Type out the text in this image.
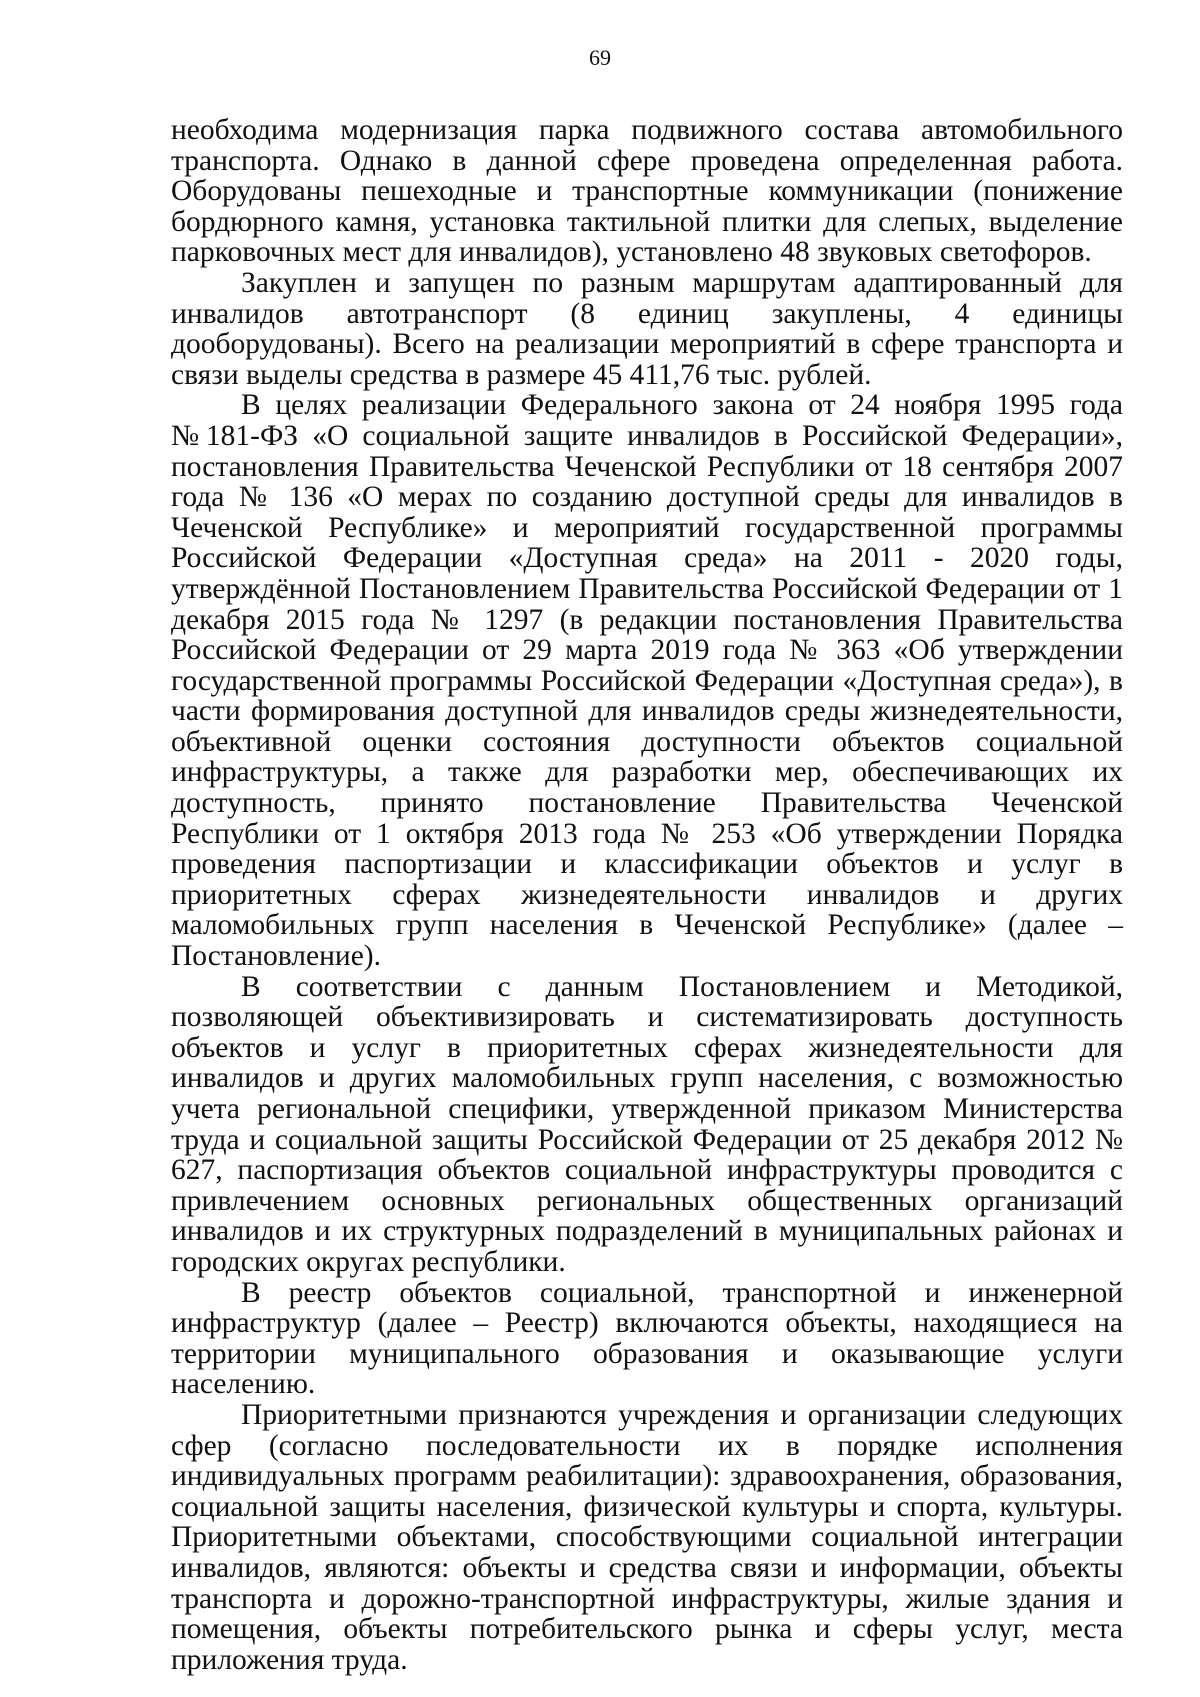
69

необходима модернизация парка подвижного состава автомобильного транспорта. Однако в данной сфере проведена определенная работа. Оборудованы пешеходные и транспортные коммуникации (понижение бордюрного камня, установка тактильной плитки для слепых, выделение парковочных мест для инвалидов), установлено 48 звуковых светофоров.

Закуплен и запущен по разным маршрутам адаптированный для инвалидов автотранспорт (8 единиц закуплены, 4 единицы дооборудованы). Всего на реализации мероприятий в сфере транспорта и связи выделы средства в размере 45 411,76 тыс. рублей.

В целях реализации Федерального закона от 24 ноября 1995 года №181-ФЗ «О социальной защите инвалидов в Российской Федерации», постановления Правительства Чеченской Республики от 18 сентября 2007 года № 136 «О мерах по созданию доступной среды для инвалидов в Чеченской Республике» и мероприятий государственной программы Российской Федерации «Доступная среда» на 2011 - 2020 годы, утверждённой Постановлением Правительства Российской Федерации от 1 декабря 2015 года № 1297 (в редакции постановления Правительства Российской Федерации от 29 марта 2019 года № 363 «Об утверждении государственной программы Российской Федерации «Доступная среда»), в части формирования доступной для инвалидов среды жизнедеятельности, объективной оценки состояния доступности объектов социальной инфраструктуры, а также для разработки мер, обеспечивающих их доступность, принято постановление Правительства Чеченской Республики от 1 октября 2013 года № 253 «Об утверждении Порядка проведения паспортизации и классификации объектов и услуг в приоритетных сферах жизнедеятельности инвалидов и других маломобильных групп населения в Чеченской Республике» (далее – Постановление).

В соответствии с данным Постановлением и Методикой, позволяющей объективизировать и систематизировать доступность объектов и услуг в приоритетных сферах жизнедеятельности для инвалидов и других маломобильных групп населения, с возможностью учета региональной специфики, утвержденной приказом Министерства труда и социальной защиты Российской Федерации от 25 декабря 2012 № 627, паспортизация объектов социальной инфраструктуры проводится с привлечением основных региональных общественных организаций инвалидов и их структурных подразделений в муниципальных районах и городских округах республики.

В реестр объектов социальной, транспортной и инженерной инфраструктур (далее – Реестр) включаются объекты, находящиеся на территории муниципального образования и оказывающие услуги населению.

Приоритетными признаются учреждения и организации следующих сфер (согласно последовательности их в порядке исполнения индивидуальных программ реабилитации): здравоохранения, образования, социальной защиты населения, физической культуры и спорта, культуры. Приоритетными объектами, способствующими социальной интеграции инвалидов, являются: объекты и средства связи и информации, объекты транспорта и дорожно-транспортной инфраструктуры, жилые здания и помещения, объекты потребительского рынка и сферы услуг, места приложения труда.
